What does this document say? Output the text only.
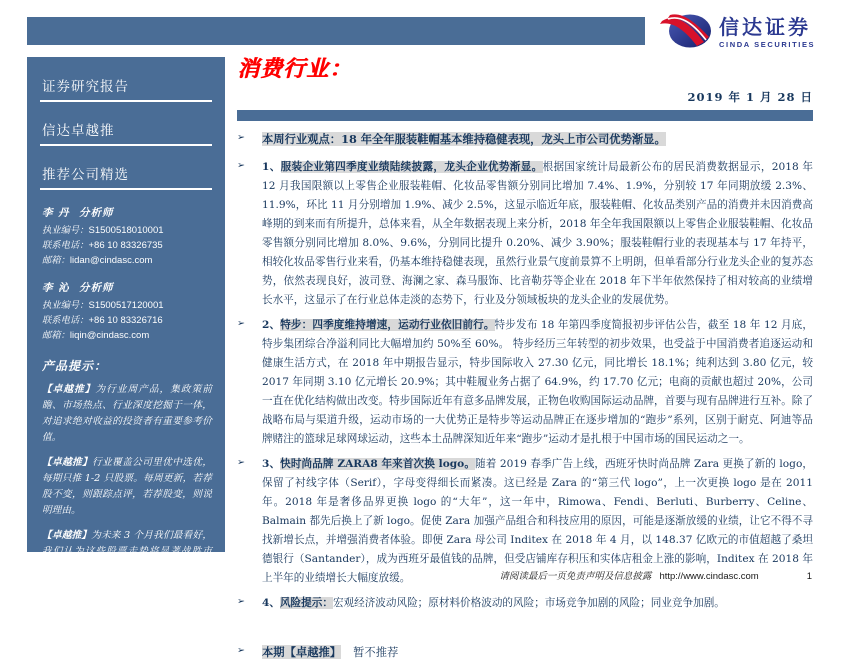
信达证券
CINDA SECURITIES
证券研究报告
信达卓越推
推荐公司精选
李 丹 分析师
执业编号：S1500518010001
联系电话：+86 10 83326735
邮箱：lidan@cindasc.com
李 沁 分析师
执业编号：S1500517120001
联系电话：+86 10 83326716
邮箱：liqin@cindasc.com
产品提示：

【卓越推】为行业周产品，集政策前瞻、市场热点、行业深度挖掘于一体，对追求绝对收益的投资者有重要参考价值。

【卓越推】行业覆盖公司里优中选优，每期只推 1-2 只股票。每周更新，若荐股不变，则跟踪点评，若荐股变，则说明理由。

【卓越推】为未来 3 个月我们最看好，我们认为这些股票走势将显著战胜市场，建议重点配置。

信达证券股份有限公司
CINDA SECURITIES CO.,LTD
北京市西城区闹市口大街 9 号院 1 号楼
邮编：100031
消费行业：
2019 年 1 月 28 日
➢	本周行业观点：18 年全年服装鞋帽基本维持稳健表现，龙头上市公司优势渐显。

➢	1、服装企业第四季度业绩陆续披露，龙头企业优势渐显。根据国家统计局最新公布的居民消费数据显示，2018 年 12 月我国限额以上零售企业服装鞋帽、化妆品零售额分别同比增加 7.4%、1.9%，分别较 17 年同期放缓 2.3%、11.9%，环比 11 月分别增加 1.9%、减少 2.5%，这显示临近年底，服装鞋帽、化妆品类别产品的消费并未因消费高峰期的到来而有所提升，总体来看，从全年数据表现上来分析，2018 年全年我国限额以上零售企业服装鞋帽、化妆品零售额分别同比增加 8.0%、9.6%，分别同比提升 0.20%、减少 3.90%；服装鞋帽行业的表现基本与 17 年持平，相较化妆品零售行业来看，仍基本维持稳健表现，虽然行业景气度前景算不上明朗，但单看部分行业龙头企业的复苏态势，依然表现良好，波司登、海澜之家、森马服饰、比音勒芬等企业在 2018 年下半年依然保持了相对较高的业绩增长水平，这显示了在行业总体走淡的态势下，行业及分领域板块的龙头企业的发展优势。

➢	2、特步：四季度维持增速，运动行业依旧前行。特步发布 18 年第四季度简报初步评估公告，截至 18 年 12 月底，特步集团综合净溢利同比大幅增加约 50%至 60%。 特步经历三年转型的初步效果，也受益于中国消费者追逐运动和健康生活方式，在 2018 年中期报告显示，特步国际收入 27.30 亿元，同比增长 18.1%；纯利达到 3.80 亿元，较 2017 年同期 3.10 亿元增长 20.9%；其中鞋履业务占据了 64.9%，约 17.70 亿元；电商的贡献也超过 20%，公司一直在优化结构做出改变。特步国际近年有意多品牌发展，正物色收购国际运动品牌，首要与现有品牌进行互补。除了战略布局与渠道升级，运动市场的一大优势正是特步等运动品牌正在逐步增加的“跑步”系列，区别于耐克、阿迪等品牌赌注的篮球足球网球运动，这些本土品牌深知近年来“跑步”运动才是扎根于中国市场的国民运动之一。

➢	3、快时尚品牌 ZARA8 年来首次换 logo。随着 2019 春季广告上线，西班牙快时尚品牌 Zara 更换了新的 logo，保留了衬线字体（Serif），字母变得细长而紧凑。这已经是 Zara 的“第三代 logo”，上一次更换 logo 是在 2011 年。2018 年是奢侈品界更换 logo 的“大年”，这一年中，Rimowa、Fendi、Berluti、Burberry、Celine、Balmain 都先后换上了新 logo。促使 Zara 加强产品组合和科技应用的原因，可能是逐渐放缓的业绩，让它不得不寻找新增长点，并增强消费者体验。即便 Zara 母公司 Inditex 在 2018 年 4 月，以 148.37 亿欧元的市值超越了桑坦德银行（Santander），成为西班牙最值钱的品牌，但受店铺库存积压和实体店租金上涨的影响，Inditex 在 2018 年上半年的业绩增长大幅度放缓。

➢	4、风险提示：宏观经济波动风险；原材料价格波动的风险；市场竞争加剧的风险；同业竞争加剧。

➢	本期【卓越推】 暂不推荐

请阅读最后一页免责声明及信息披露 http://www.cindasc.com	1
